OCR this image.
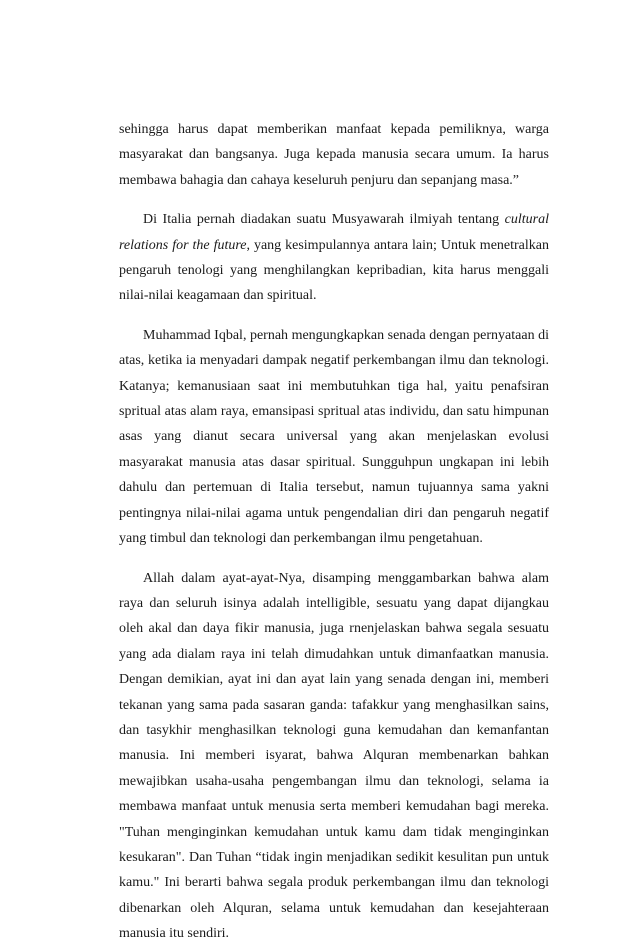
sehingga harus dapat memberikan manfaat kepada pemiliknya, warga masyarakat dan bangsanya. Juga kepada manusia secara umum. Ia harus membawa bahagia dan cahaya keseluruh penjuru dan sepanjang masa.”

Di Italia pernah diadakan suatu Musyawarah ilmiyah tentang cultural relations for the future, yang kesimpulannya antara lain; Untuk menetralkan pengaruh tenologi yang menghilangkan kepribadian, kita harus menggali nilai-nilai keagamaan dan spiritual.

Muhammad Iqbal, pernah mengungkapkan senada dengan pernyataan di atas, ketika ia menyadari dampak negatif perkembangan ilmu dan teknologi. Katanya; kemanusiaan saat ini membutuhkan tiga hal, yaitu penafsiran spritual atas alam raya, emansipasi spritual atas individu, dan satu himpunan asas yang dianut secara universal yang akan menjelaskan evolusi masyarakat manusia atas dasar spiritual. Sungguhpun ungkapan ini lebih dahulu dan pertemuan di Italia tersebut, namun tujuannya sama yakni pentingnya nilai-nilai agama untuk pengendalian diri dan pengaruh negatif yang timbul dan teknologi dan perkembangan ilmu pengetahuan.

Allah dalam ayat-ayat-Nya, disamping menggambarkan bahwa alam raya dan seluruh isinya adalah intelligible, sesuatu yang dapat dijangkau oleh akal dan daya fikir manusia, juga rnenjelaskan bahwa segala sesuatu yang ada dialam raya ini telah dimudahkan untuk dimanfaatkan manusia. Dengan demikian, ayat ini dan ayat lain yang senada dengan ini, memberi tekanan yang sama pada sasaran ganda: tafakkur yang menghasilkan sains, dan tasykhir menghasilkan teknologi guna kemudahan dan kemanfantan manusia. Ini memberi isyarat, bahwa Alquran membenarkan bahkan mewajibkan usaha-usaha pengembangan ilmu dan teknologi, selama ia membawa manfaat untuk menusia serta memberi kemudahan bagi mereka. "Tuhan menginginkan kemudahan untuk kamu dam tidak menginginkan kesukaran". Dan Tuhan “tidak ingin menjadikan sedikit kesulitan pun untuk kamu." Ini berarti bahwa segala produk perkembangan ilmu dan teknologi dibenarkan oleh Alquran, selama untuk kemudahan dan kesejahteraan manusia itu sendiri.
